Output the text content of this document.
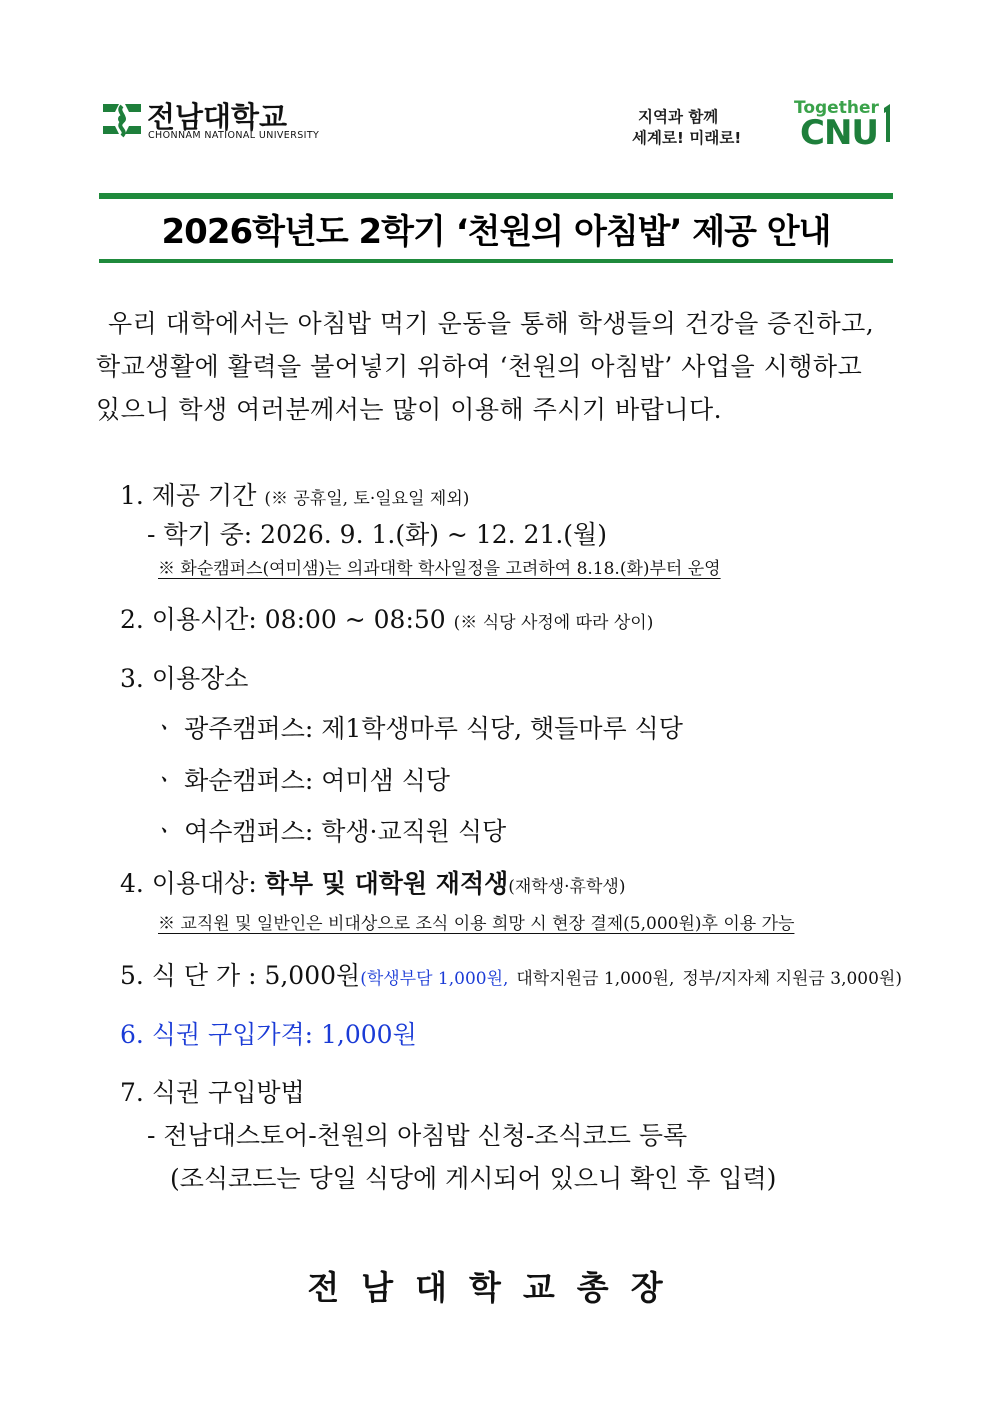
전남대학교
CHONNAM NATIONAL UNIVERSITY
지역과 함께
세계로! 미래로!
Together
CNU
2026학년도 2학기 ‘천원의 아침밥’ 제공 안내
우리 대학에서는 아침밥 먹기 운동을 통해 학생들의 건강을 증진하고,
학교생활에 활력을 불어넣기 위하여 ‘천원의 아침밥’ 사업을 시행하고
있으니 학생 여러분께서는 많이 이용해 주시기 바랍니다.
1. 제공 기간 (※ 공휴일, 토·일요일 제외)
- 학기 중: 2026. 9. 1.(화) ~ 12. 21.(월)
※ 화순캠퍼스(여미샘)는 의과대학 학사일정을 고려하여 8.18.(화)부터 운영
2. 이용시간: 08:00 ~ 08:50 (※ 식당 사정에 따라 상이)
3. 이용장소
ㆍ 광주캠퍼스: 제1학생마루 식당, 햇들마루 식당
ㆍ 화순캠퍼스: 여미샘 식당
ㆍ 여수캠퍼스: 학생·교직원 식당
4. 이용대상: 학부 및 대학원 재적생(재학생·휴학생)
※ 교직원 및 일반인은 비대상으로 조식 이용 희망 시 현장 결제(5,000원)후 이용 가능
5. 식 단 가 : 5,000원(학생부담 1,000원, 대학지원금 1,000원, 정부/지자체 지원금 3,000원)
6. 식권 구입가격: 1,000원
7. 식권 구입방법
- 전남대스토어-천원의 아침밥 신청-조식코드 등록
(조식코드는 당일 식당에 게시되어 있으니 확인 후 입력)
전남대학교총장
